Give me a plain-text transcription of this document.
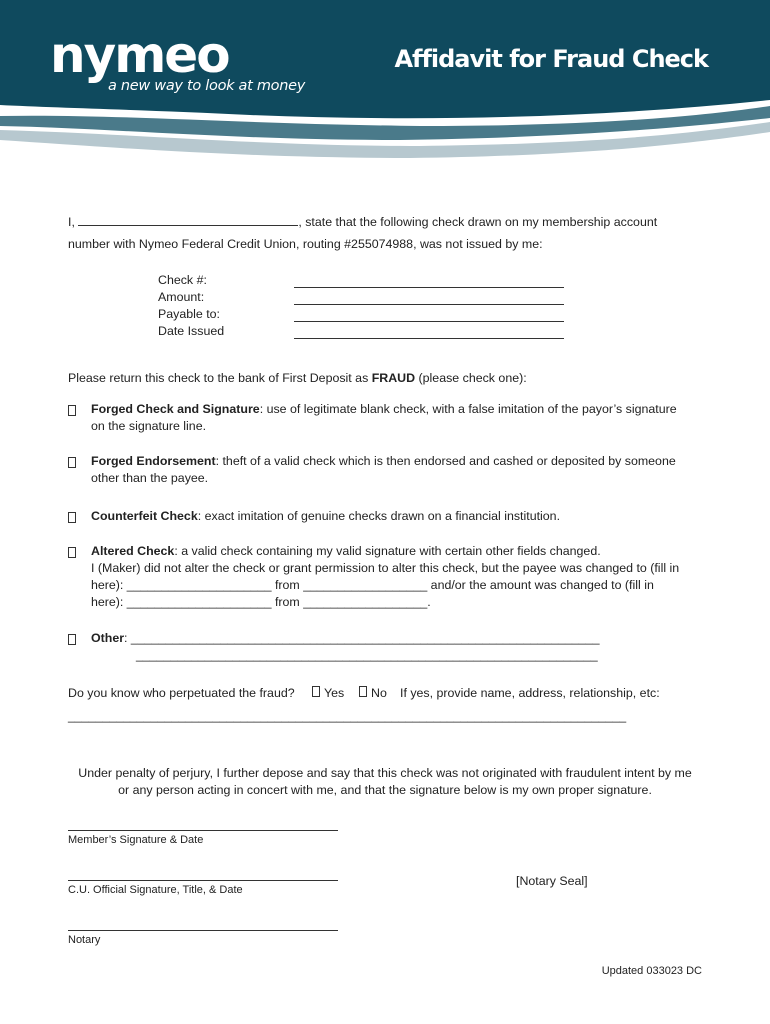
nymeo
a new way to look at money
Affidavit for Fraud Check
I,	, state that the following check drawn on my membership account
number with Nymeo Federal Credit Union, routing #255074988, was not issued by me:
Check #:
Amount:
Payable to:
Date Issued
Please return this check to the bank of First Deposit as FRAUD (please check one):
Forged Check and Signature: use of legitimate blank check, with a false imitation of the payor’s signature
on the signature line.
Forged Endorsement: theft of a valid check which is then endorsed and cashed or deposited by someone
other than the payee.
Counterfeit Check: exact imitation of genuine checks drawn on a financial institution.
Altered Check: a valid check containing my valid signature with certain other fields changed.
I (Maker) did not alter the check or grant permission to alter this check, but the payee was changed to (fill in
here): _____________________ from __________________ and/or the amount was changed to (fill in
here): _____________________ from __________________.
Other: ____________________________________________________________________
___________________________________________________________________
Do you know who perpetuated the fraud?	Yes	No If yes, provide name, address, relationship, etc:
_________________________________________________________________________________
Under penalty of perjury, I further depose and say that this check was not originated with fraudulent intent by me
or any person acting in concert with me, and that the signature below is my own proper signature.
Member’s Signature & Date
C.U. Official Signature, Title, & Date
[Notary Seal]
Notary
Updated 033023 DC
